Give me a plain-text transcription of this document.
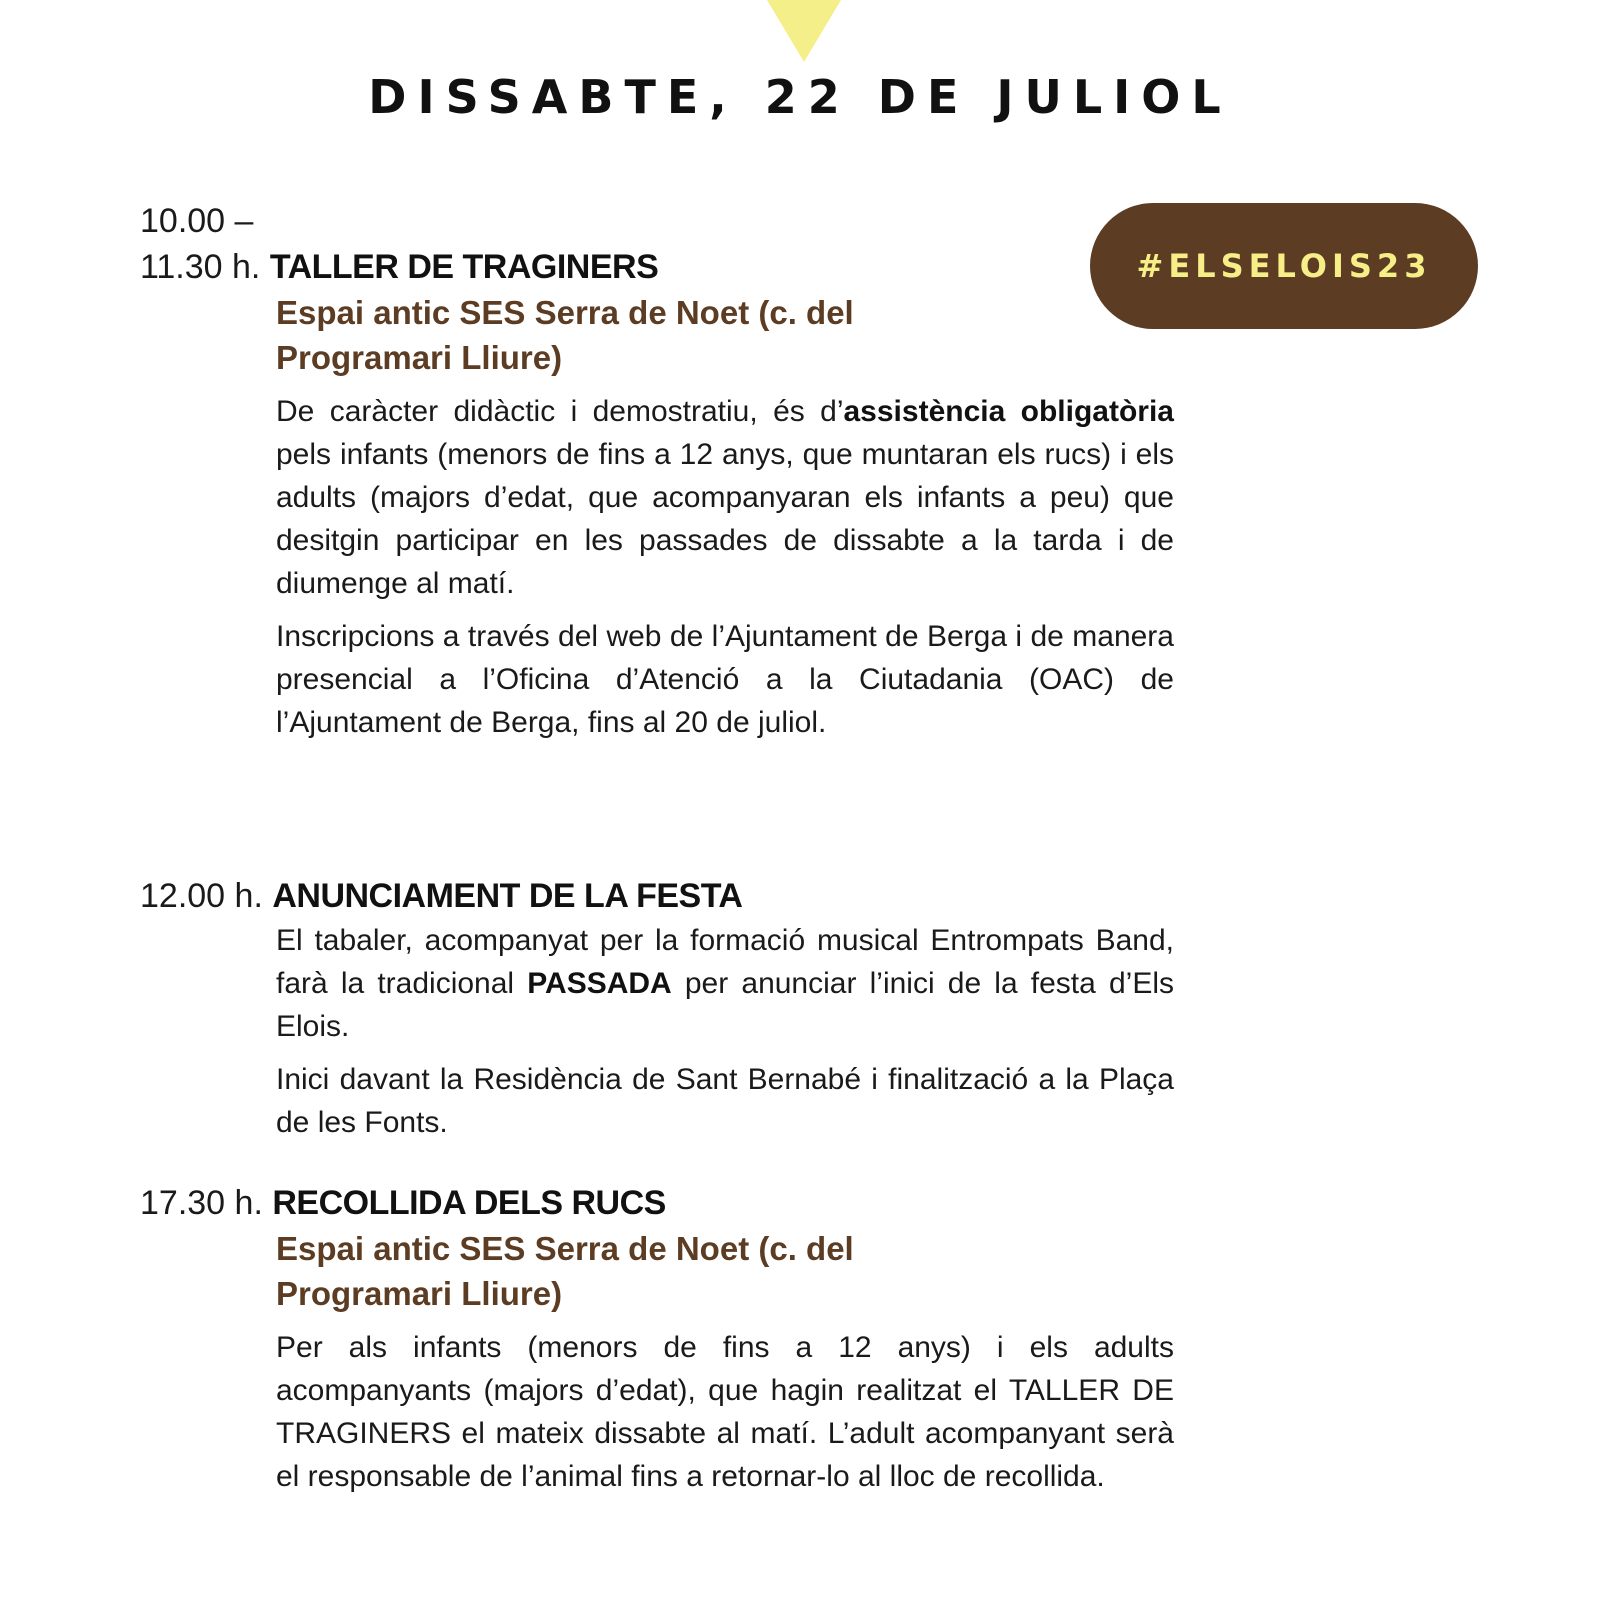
DISSABTE, 22 DE JULIOL
#ELSELOIS23
10.00 –
11.30 h. TALLER DE TRAGINERS

Espai antic SES Serra de Noet (c. del Programari Lliure)

De caràcter didàctic i demostratiu, és d’assistència obligatòria pels infants (menors de fins a 12 anys, que muntaran els rucs) i els adults (majors d’edat, que acompanyaran els infants a peu) que desitgin participar en les passades de dissabte a la tarda i de diumenge al matí.

Inscripcions a través del web de l’Ajuntament de Berga i de manera presencial a l’Oficina d’Atenció a la Ciutadania (OAC) de l’Ajuntament de Berga, fins al 20 de juliol.

12.00 h. ANUNCIAMENT DE LA FESTA

El tabaler, acompanyat per la formació musical Entrompats Band, farà la tradicional PASSADA per anunciar l’inici de la festa d’Els Elois.

Inici davant la Residència de Sant Bernabé i finalització a la Plaça de les Fonts.

17.30 h. RECOLLIDA DELS RUCS

Espai antic SES Serra de Noet (c. del Programari Lliure)

Per als infants (menors de fins a 12 anys) i els adults acompanyants (majors d’edat), que hagin realitzat el TALLER DE TRAGINERS el mateix dissabte al matí. L’adult acompanyant serà el responsable de l’animal fins a retornar-lo al lloc de recollida.
